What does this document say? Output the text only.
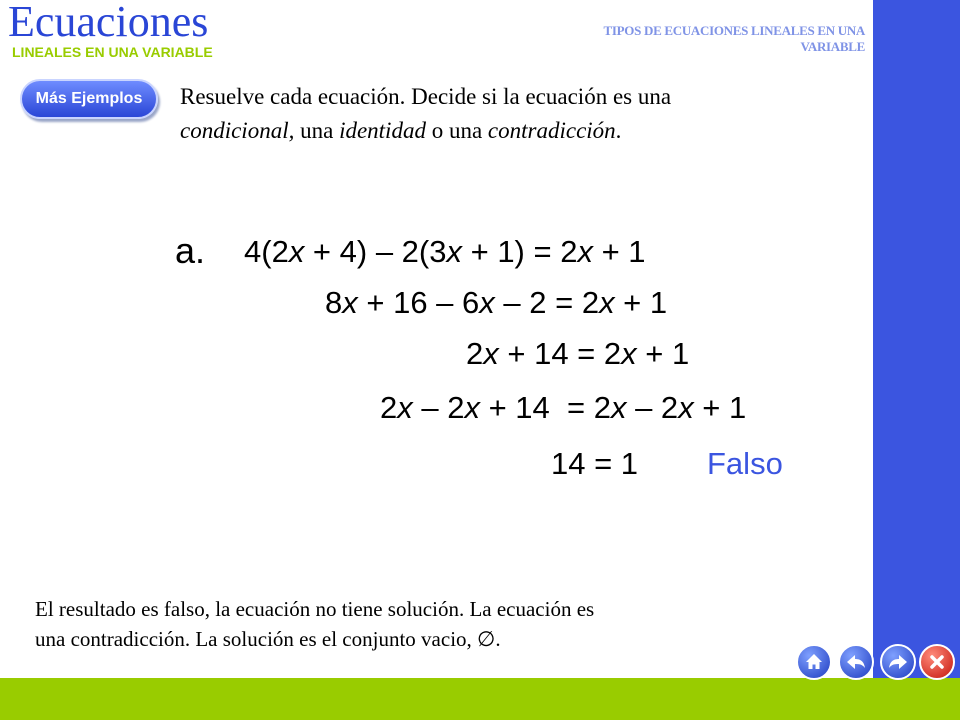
Ecuaciones
LINEALES EN UNA VARIABLE
TIPOS DE ECUACIONES LINEALES EN UNA VARIABLE
Más Ejemplos	Resuelve cada ecuación. Decide si la ecuación es una
condicional, una identidad o una contradicción.
a. 4(2x + 4) – 2(3x + 1) = 2x + 1
8x + 16 – 6x – 2 = 2x + 1
2x + 14 = 2x + 1
2x – 2x + 14  = 2x – 2x + 1
14 = 1 Falso
El resultado es falso, la ecuación no tiene solución. La ecuación es
una contradicción. La solución es el conjunto vacio, ∅.
